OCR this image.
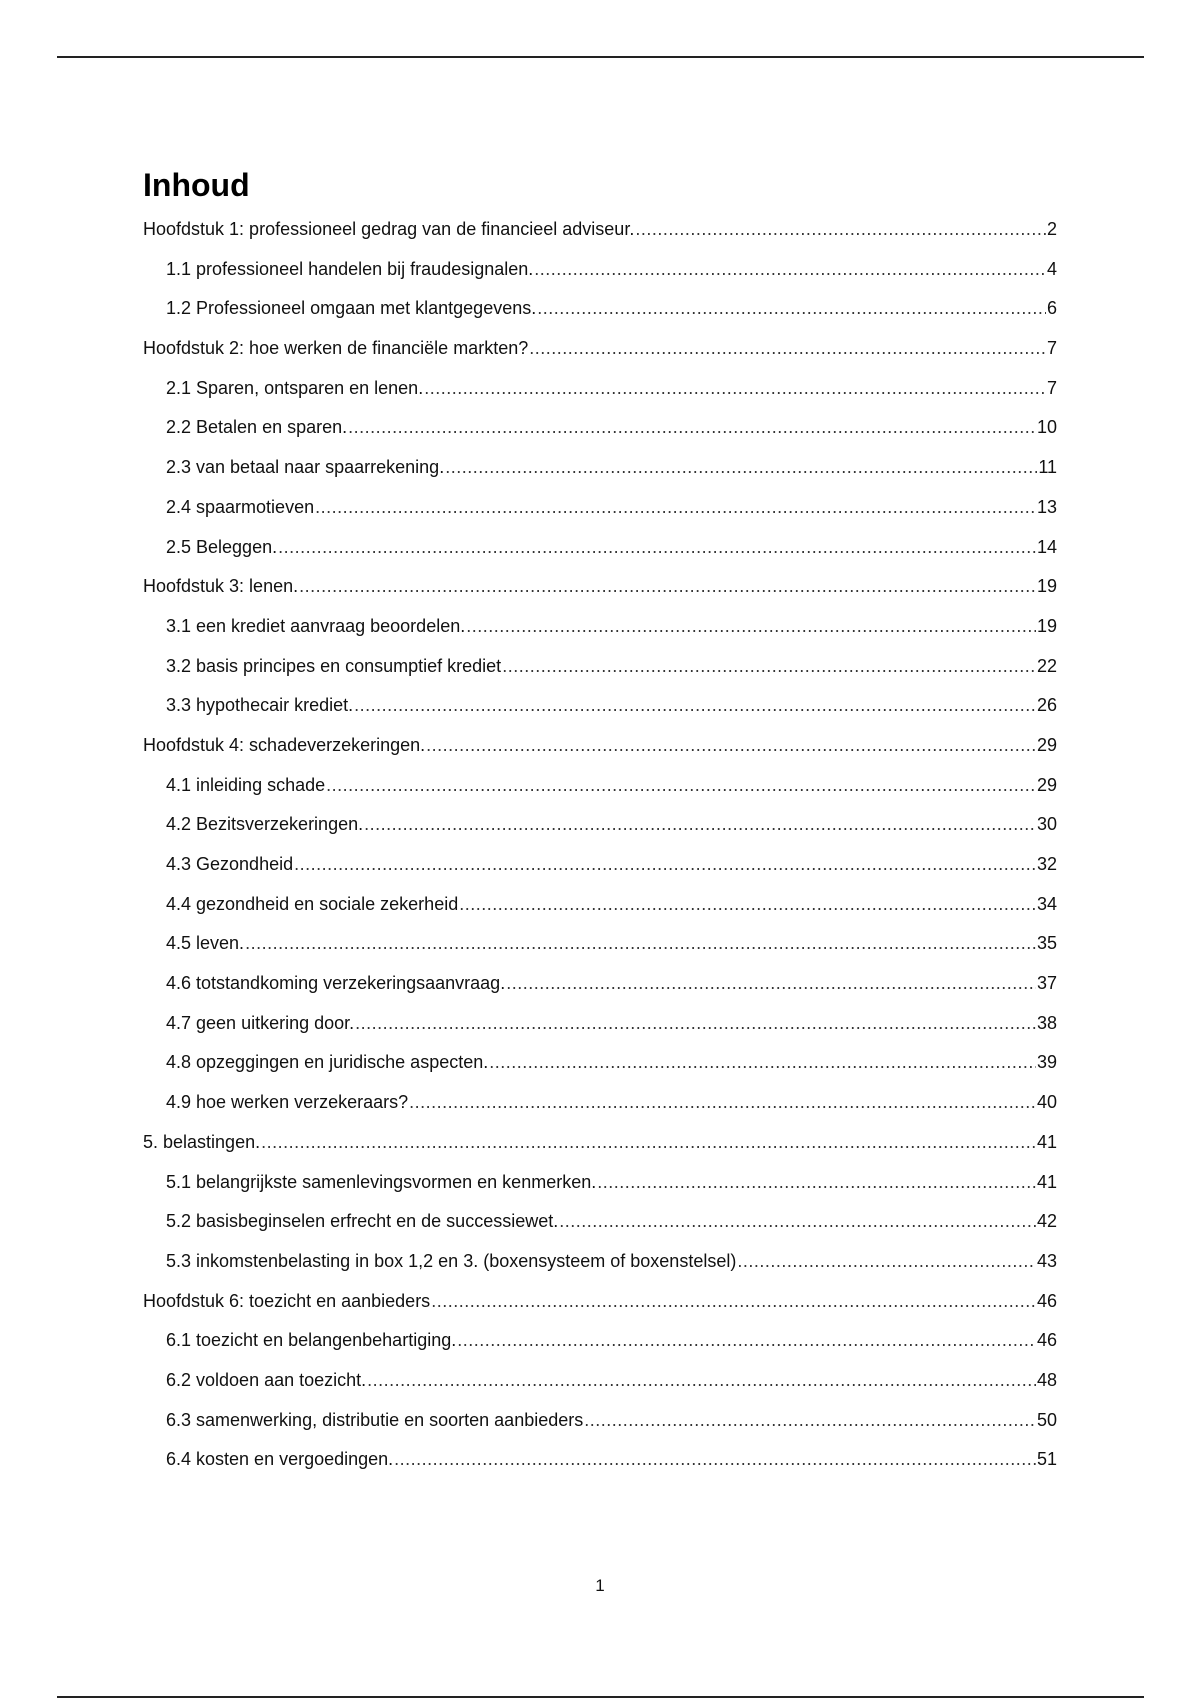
Inhoud
Hoofdstuk 1: professioneel gedrag van de financieel adviseur. .....	2
1.1 professioneel handelen bij fraudesignalen. .....	4
1.2 Professioneel omgaan met klantgegevens. .....	6
Hoofdstuk 2: hoe werken de financiële markten? .....	7
2.1 Sparen, ontsparen en lenen. .....	7
2.2 Betalen en sparen. .....	10
2.3 van betaal naar spaarrekening. .....	11
2.4 spaarmotieven .....	13
2.5 Beleggen. .....	14
Hoofdstuk 3: lenen. .....	19
3.1 een krediet aanvraag beoordelen. .....	19
3.2 basis principes en consumptief krediet .....	22
3.3 hypothecair krediet. .....	26
Hoofdstuk 4: schadeverzekeringen. .....	29
4.1 inleiding schade .....	29
4.2 Bezitsverzekeringen. .....	30
4.3 Gezondheid .....	32
4.4 gezondheid en sociale zekerheid .....	34
4.5 leven. .....	35
4.6 totstandkoming verzekeringsaanvraag. .....	37
4.7 geen uitkering door. .....	38
4.8 opzeggingen en juridische aspecten. .....	39
4.9 hoe werken verzekeraars? .....	40
5. belastingen. .....	41
5.1 belangrijkste samenlevingsvormen en kenmerken. .....	41
5.2 basisbeginselen erfrecht en de successiewet. .....	42
5.3 inkomstenbelasting in box 1,2 en 3. (boxensysteem of boxenstelsel) .....	43
Hoofdstuk 6: toezicht en aanbieders .....	46
6.1 toezicht en belangenbehartiging. .....	46
6.2 voldoen aan toezicht. .....	48
6.3 samenwerking, distributie en soorten aanbieders .....	50
6.4 kosten en vergoedingen. .....	51
1
